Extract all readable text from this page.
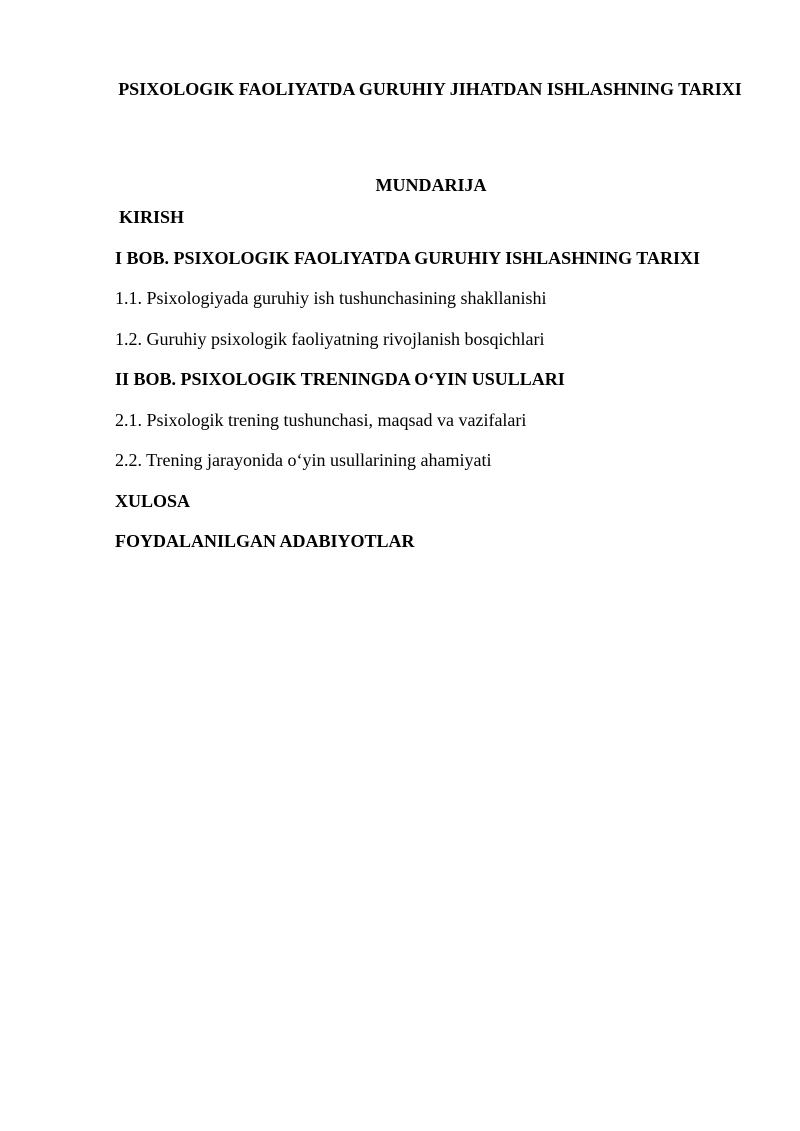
PSIXOLOGIK FAOLIYATDA GURUHIY JIHATDAN ISHLASHNING TARIXI
MUNDARIJA

KIRISH

I BOB. PSIXOLOGIK FAOLIYATDA GURUHIY ISHLASHNING TARIXI

1.1. Psixologiyada guruhiy ish tushunchasining shakllanishi

1.2. Guruhiy psixologik faoliyatning rivojlanish bosqichlari

II BOB. PSIXOLOGIK TRENINGDA O‘YIN USULLARI

2.1. Psixologik trening tushunchasi, maqsad va vazifalari

2.2. Trening jarayonida o‘yin usullarining ahamiyati

XULOSA

FOYDALANILGAN ADABIYOTLAR
